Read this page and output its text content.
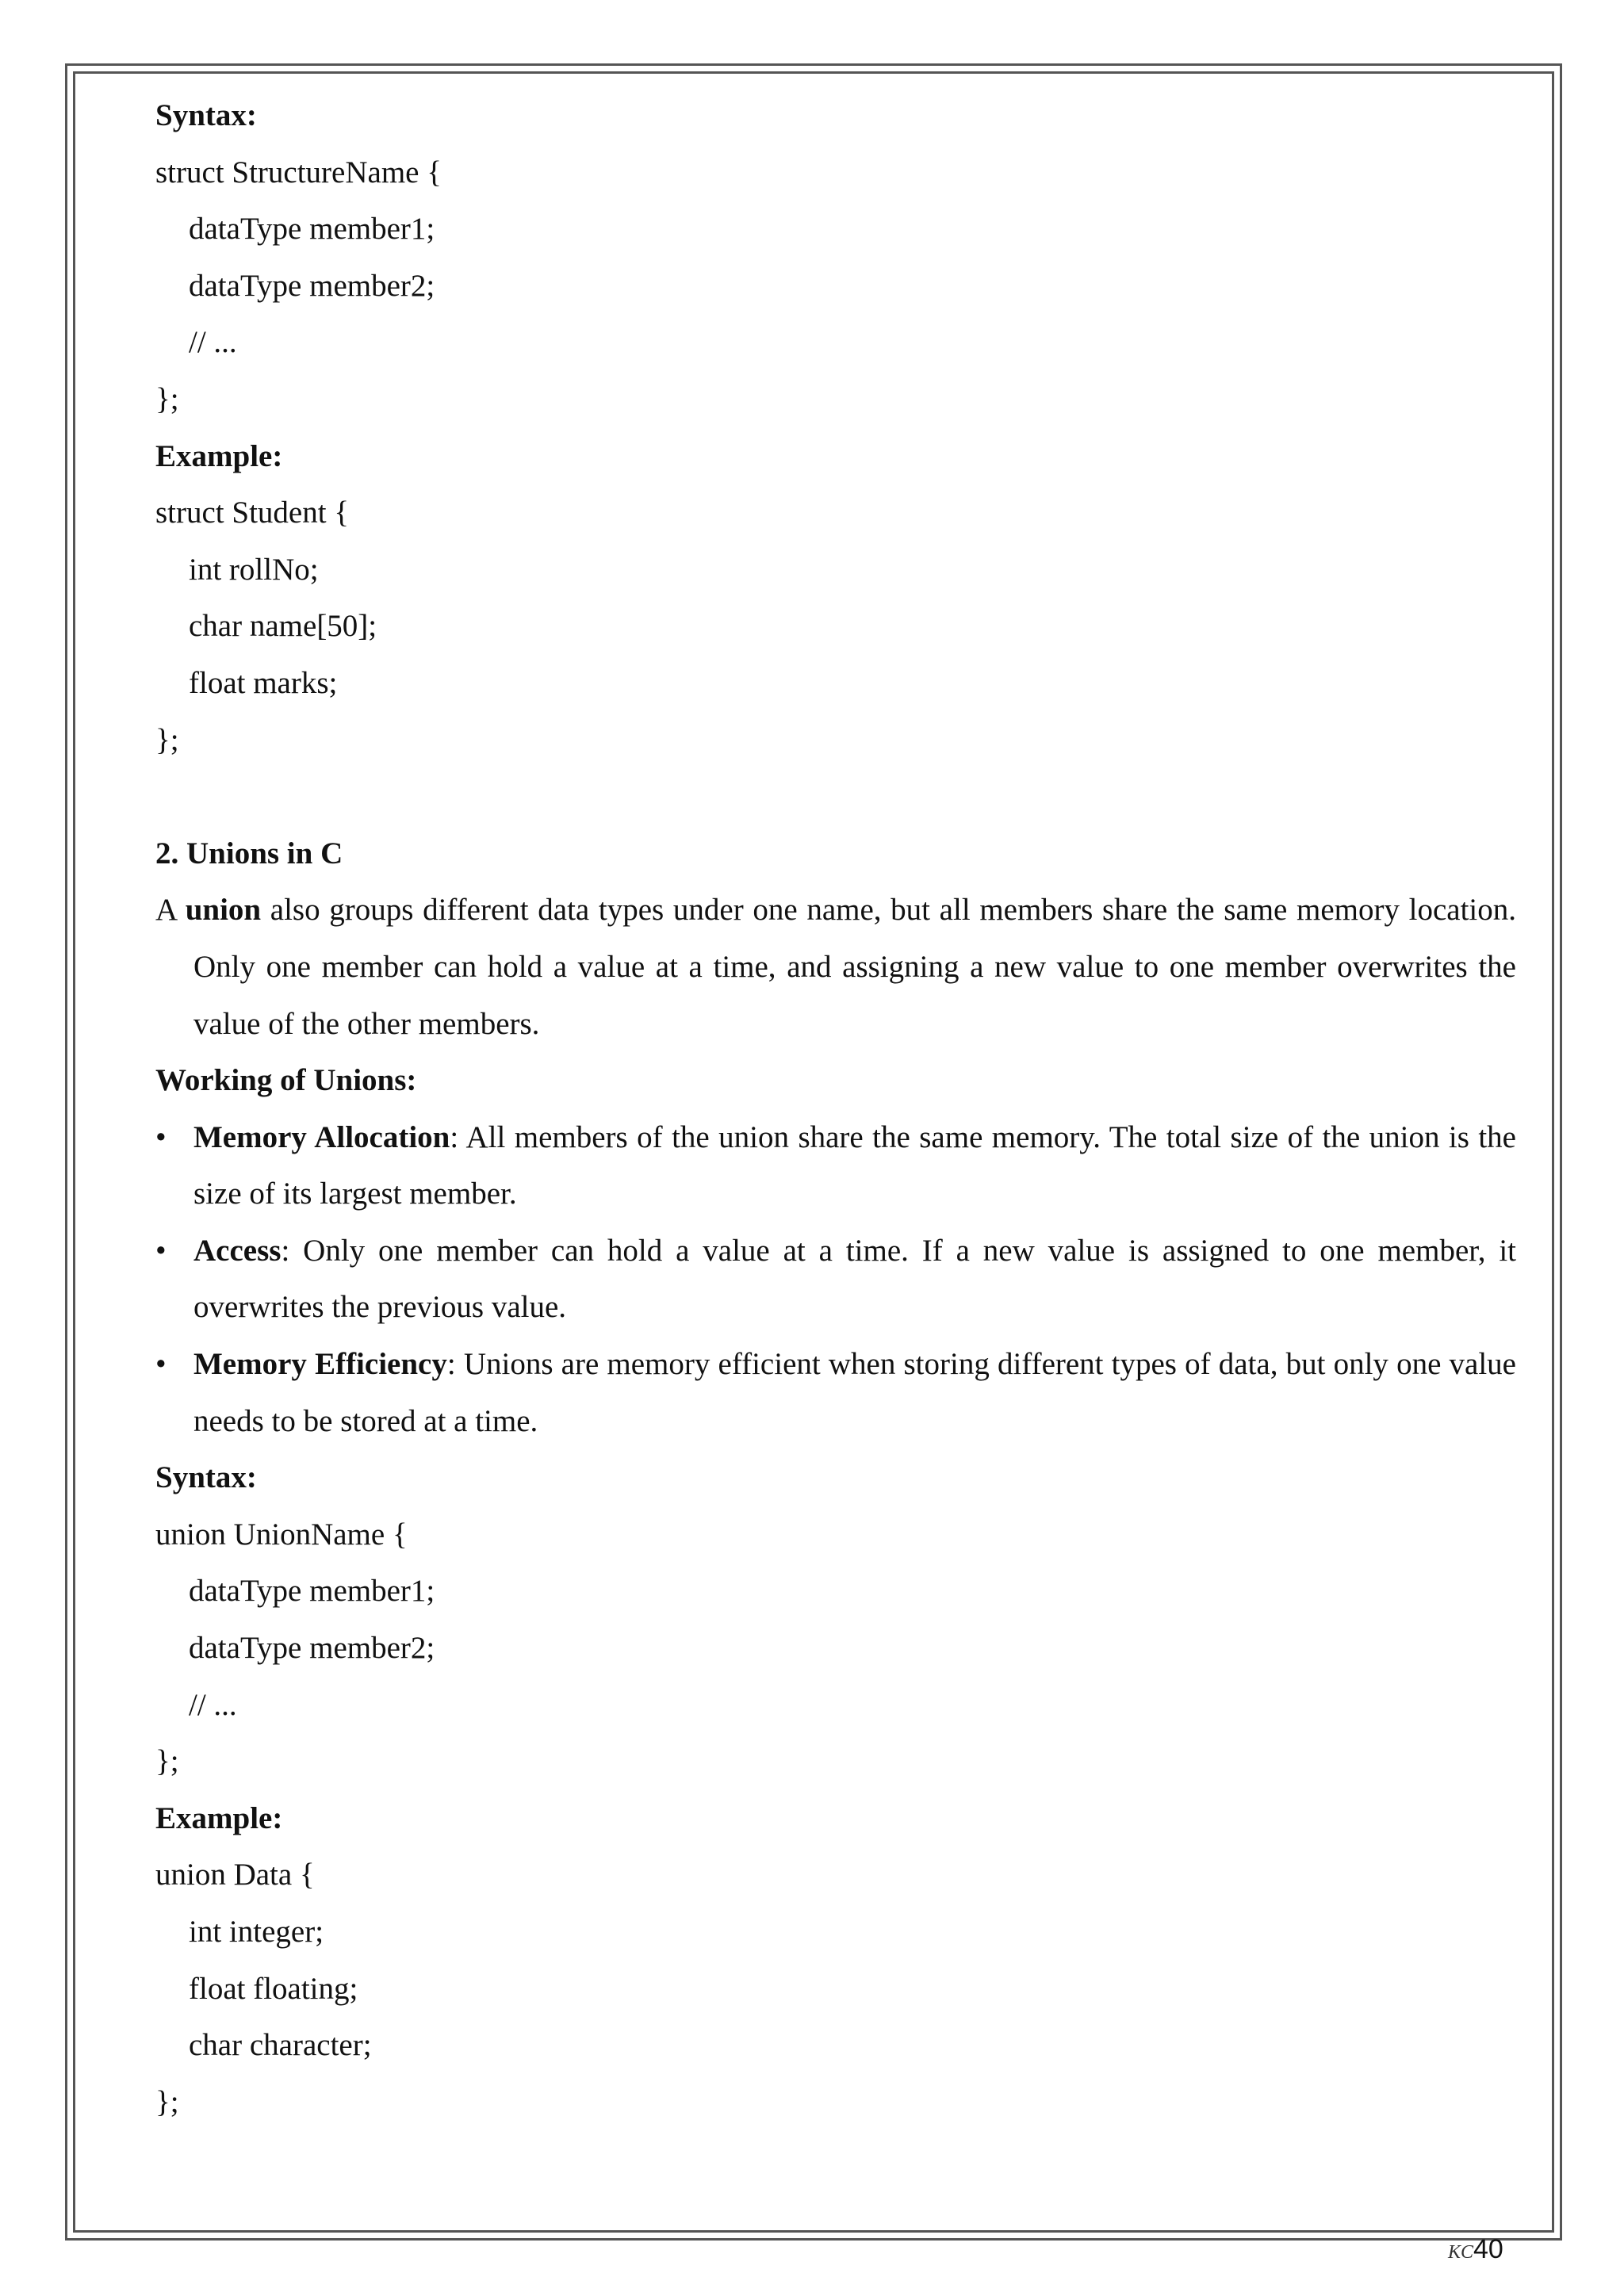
Syntax:
struct StructureName {
dataType member1;
dataType member2;
// ...
};
Example:
struct Student {
int rollNo;
char name[50];
float marks;
};
2. Unions in C
A union also groups different data types under one name, but all members share the same memory location. Only one member can hold a value at a time, and assigning a new value to one member overwrites the value of the other members.
Working of Unions:
• Memory Allocation: All members of the union share the same memory. The total size of the union is the size of its largest member.
• Access: Only one member can hold a value at a time. If a new value is assigned to one member, it overwrites the previous value.
• Memory Efficiency: Unions are memory efficient when storing different types of data, but only one value needs to be stored at a time.
Syntax:
union UnionName {
dataType member1;
dataType member2;
// ...
};
Example:
union Data {
int integer;
float floating;
char character;
};
KC40
